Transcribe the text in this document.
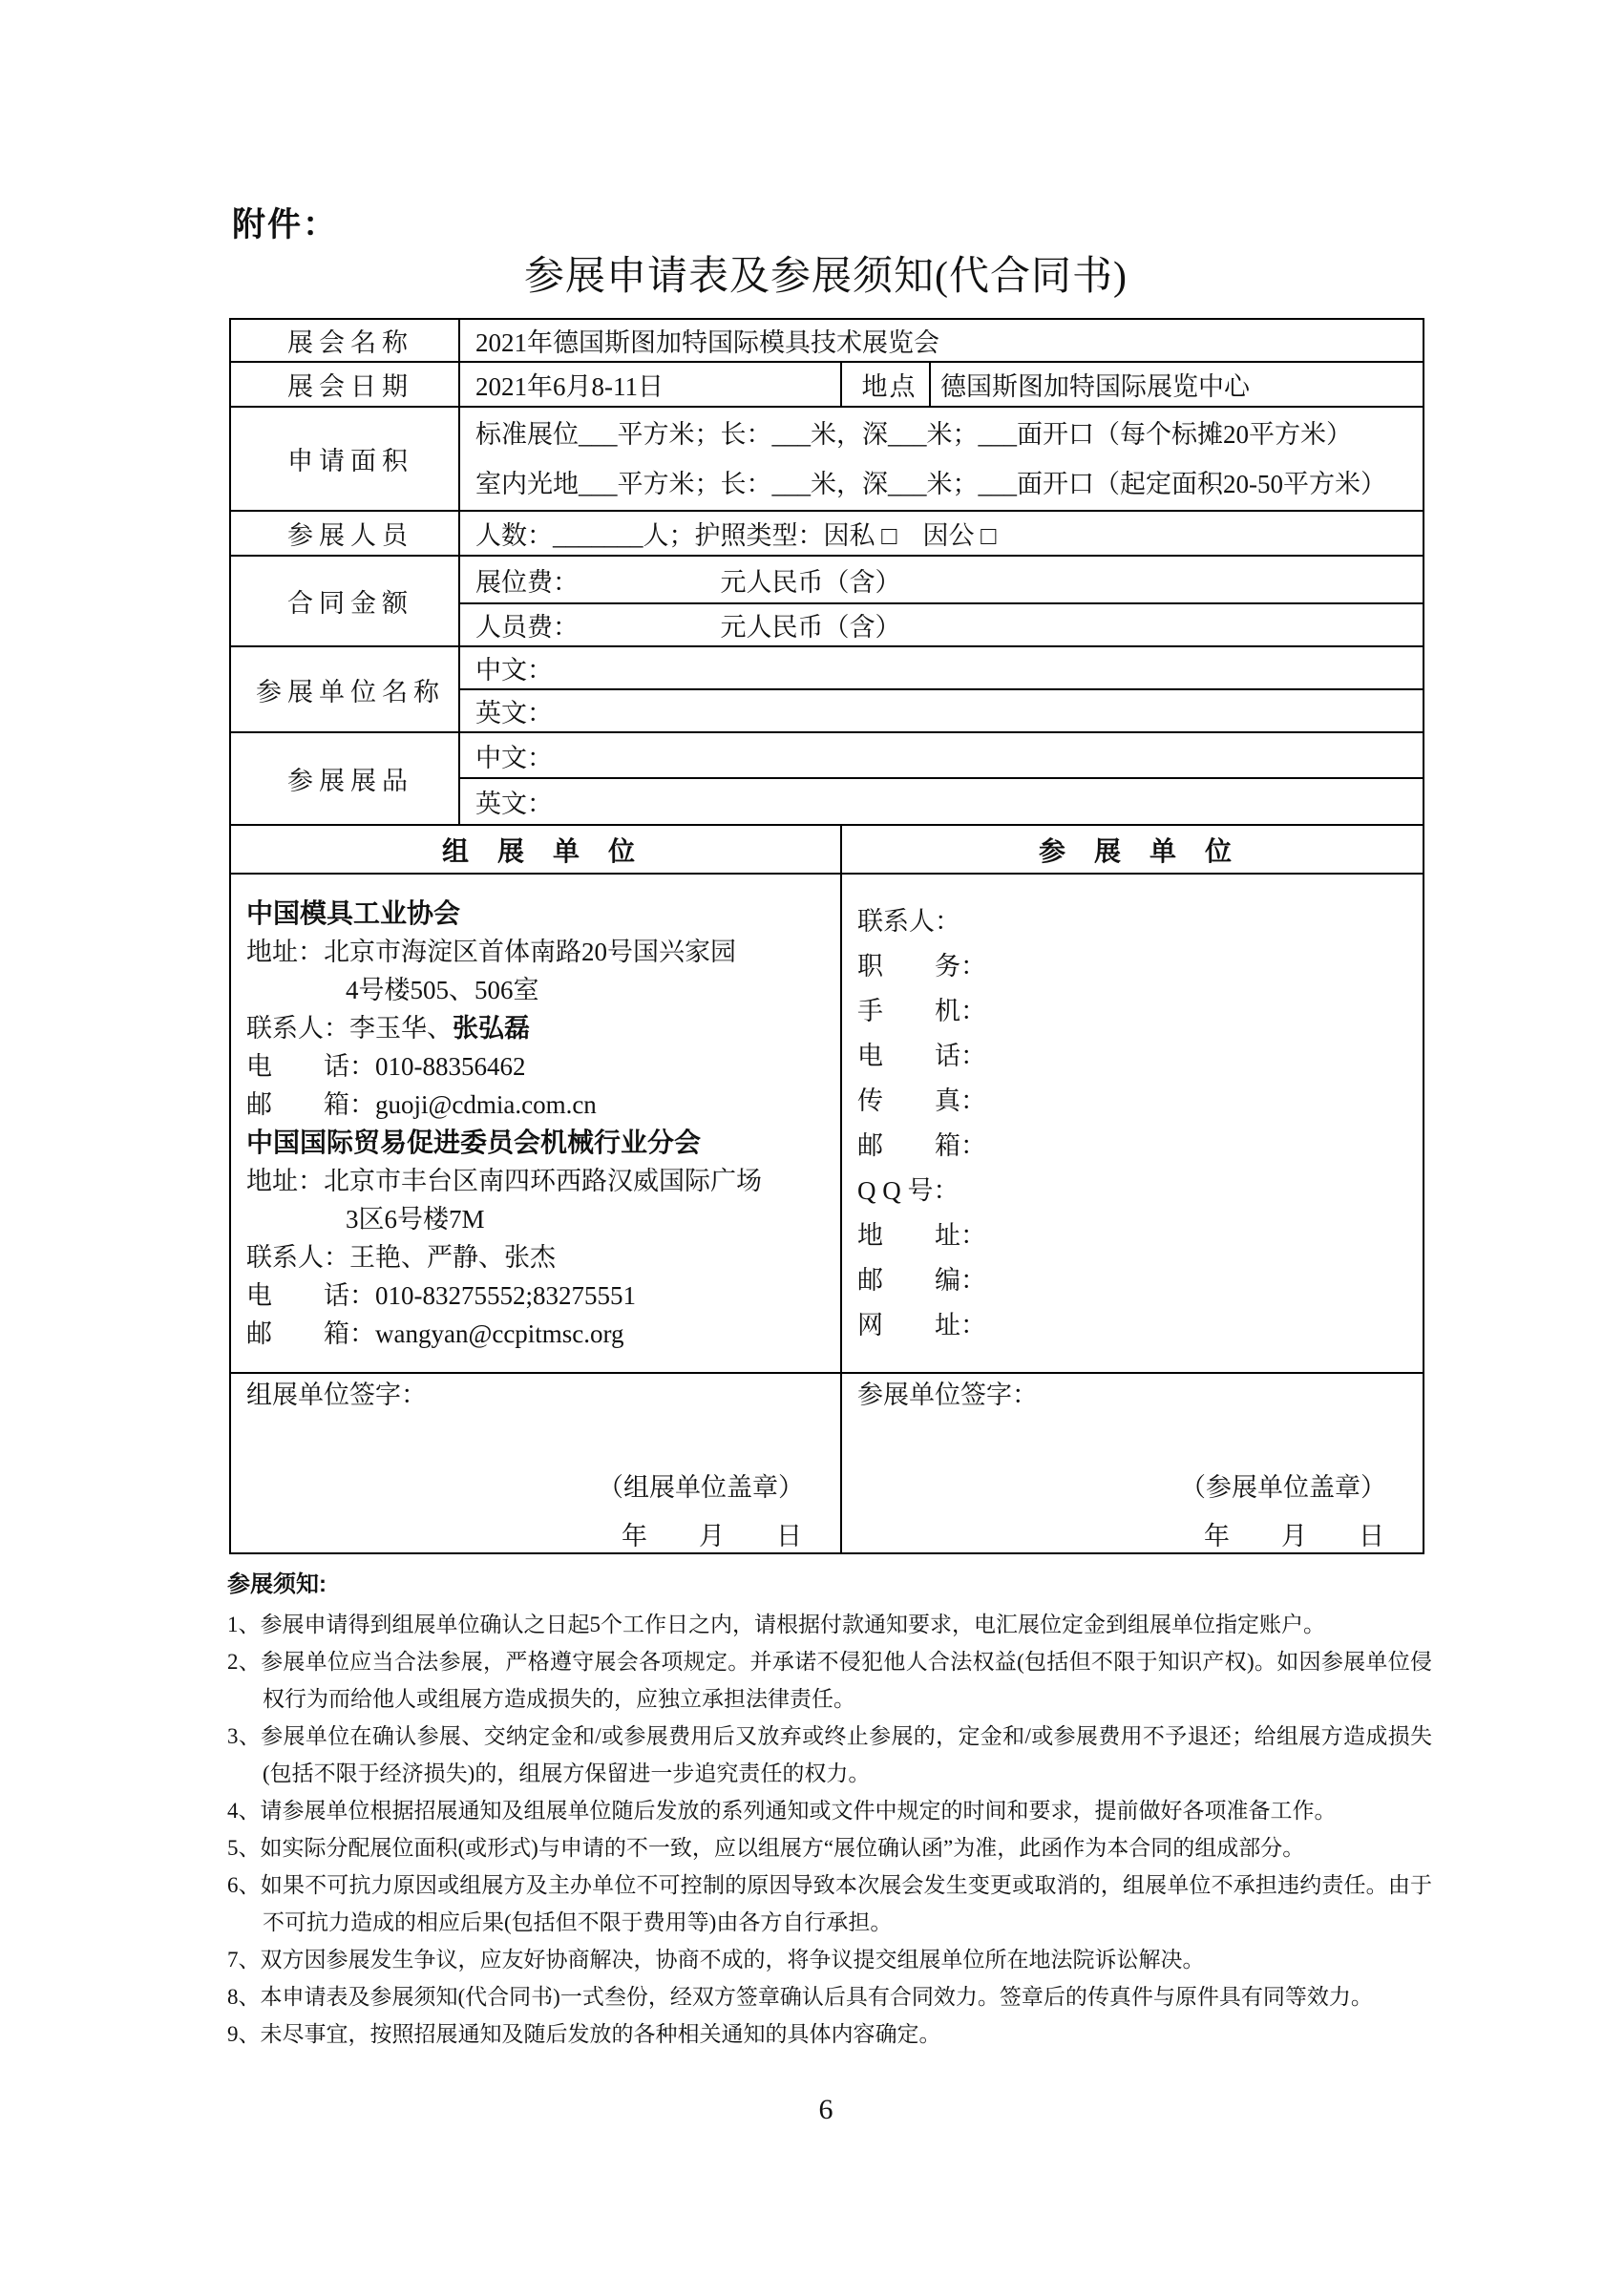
附件：
参展申请表及参展须知(代合同书)
展会名称	2021年德国斯图加特国际模具技术展览会		
展会日期	2021年6月8-11日	地点	德国斯图加特国际展览中心
申请面积	标准展位___平方米；长：___米，深___米；___面开口（每个标摊20平方米）
室内光地___平方米；长：___米，深___米；___面开口（起定面积20-50平方米）		

参展人员	人数：_______人；护照类型：因私 □　因公 □		
合同金额	展位费：　　　　　　元人民币（含）		
	人员费：　　　　　　元人民币（含）		
参展单位名称	中文：		
	英文：		
参展展品	中文：		
	英文：		
组展单位		参展单位	

中国模具工业协会
地址：北京市海淀区首体南路20号国兴家园
4号楼505、506室
联系人：李玉华、张弘磊
电　　话：010-88356462
邮　　箱：guoji@cdmia.com.cn
中国国际贸易促进委员会机械行业分会
地址：北京市丰台区南四环西路汉威国际广场
3区6号楼7M
联系人：王艳、严静、张杰
电　　话：010-83275552;83275551
邮　　箱：wangyan@ccpitmsc.org

联系人：
职　　务：
手　　机：
电　　话：
传　　真：
邮　　箱：
Q Q 号：
地　　址：
邮　　编：
网　　址：

组展单位签字：
（组展单位盖章）
年　　月　　日

参展单位签字：
（参展单位盖章）
年　　月　　日
参展须知:
1、参展申请得到组展单位确认之日起5个工作日之内，请根据付款通知要求，电汇展位定金到组展单位指定账户。
2、参展单位应当合法参展，严格遵守展会各项规定。并承诺不侵犯他人合法权益(包括但不限于知识产权)。如因参展单位侵权行为而给他人或组展方造成损失的，应独立承担法律责任。
3、参展单位在确认参展、交纳定金和/或参展费用后又放弃或终止参展的，定金和/或参展费用不予退还；给组展方造成损失(包括不限于经济损失)的，组展方保留进一步追究责任的权力。
4、请参展单位根据招展通知及组展单位随后发放的系列通知或文件中规定的时间和要求，提前做好各项准备工作。
5、如实际分配展位面积(或形式)与申请的不一致，应以组展方“展位确认函”为准，此函作为本合同的组成部分。
6、如果不可抗力原因或组展方及主办单位不可控制的原因导致本次展会发生变更或取消的，组展单位不承担违约责任。由于不可抗力造成的相应后果(包括但不限于费用等)由各方自行承担。
7、双方因参展发生争议，应友好协商解决，协商不成的，将争议提交组展单位所在地法院诉讼解决。
8、本申请表及参展须知(代合同书)一式叁份，经双方签章确认后具有合同效力。签章后的传真件与原件具有同等效力。
9、未尽事宜，按照招展通知及随后发放的各种相关通知的具体内容确定。
6
